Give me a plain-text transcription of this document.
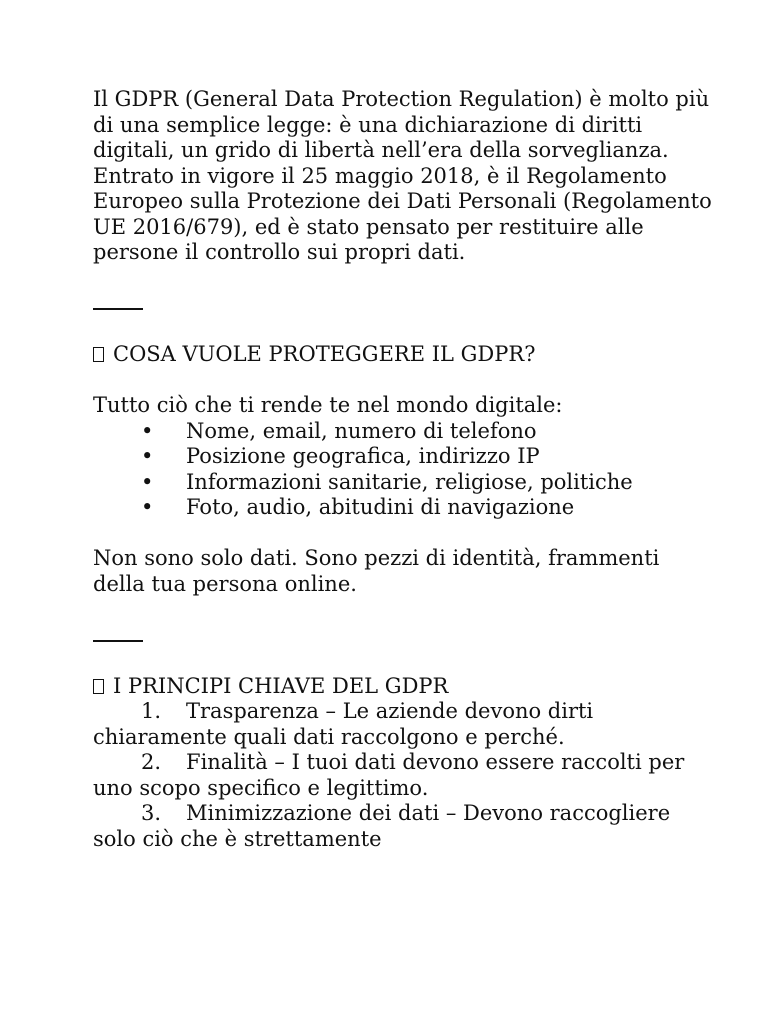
Il GDPR (General Data Protection Regulation) è molto più di una semplice legge: è una dichiarazione di diritti digitali, un grido di libertà nell’era della sorveglianza.

Entrato in vigore il 25 maggio 2018, è il Regolamento Europeo sulla Protezione dei Dati Personali (Regolamento UE 2016/679), ed è stato pensato per restituire alle persone il controllo sui propri dati.

COSA VUOLE PROTEGGERE IL GDPR?

Tutto ciò che ti rende te nel mondo digitale:

• Nome, email, numero di telefono

• Posizione geografica, indirizzo IP

• Informazioni sanitarie, religiose, politiche

• Foto, audio, abitudini di navigazione

Non sono solo dati. Sono pezzi di identità, frammenti della tua persona online.

I PRINCIPI CHIAVE DEL GDPR

1. Trasparenza – Le aziende devono dirti chiaramente quali dati raccolgono e perché.

2. Finalità – I tuoi dati devono essere raccolti per uno scopo specifico e legittimo.

3. Minimizzazione dei dati – Devono raccogliere solo ciò che è strettamente
